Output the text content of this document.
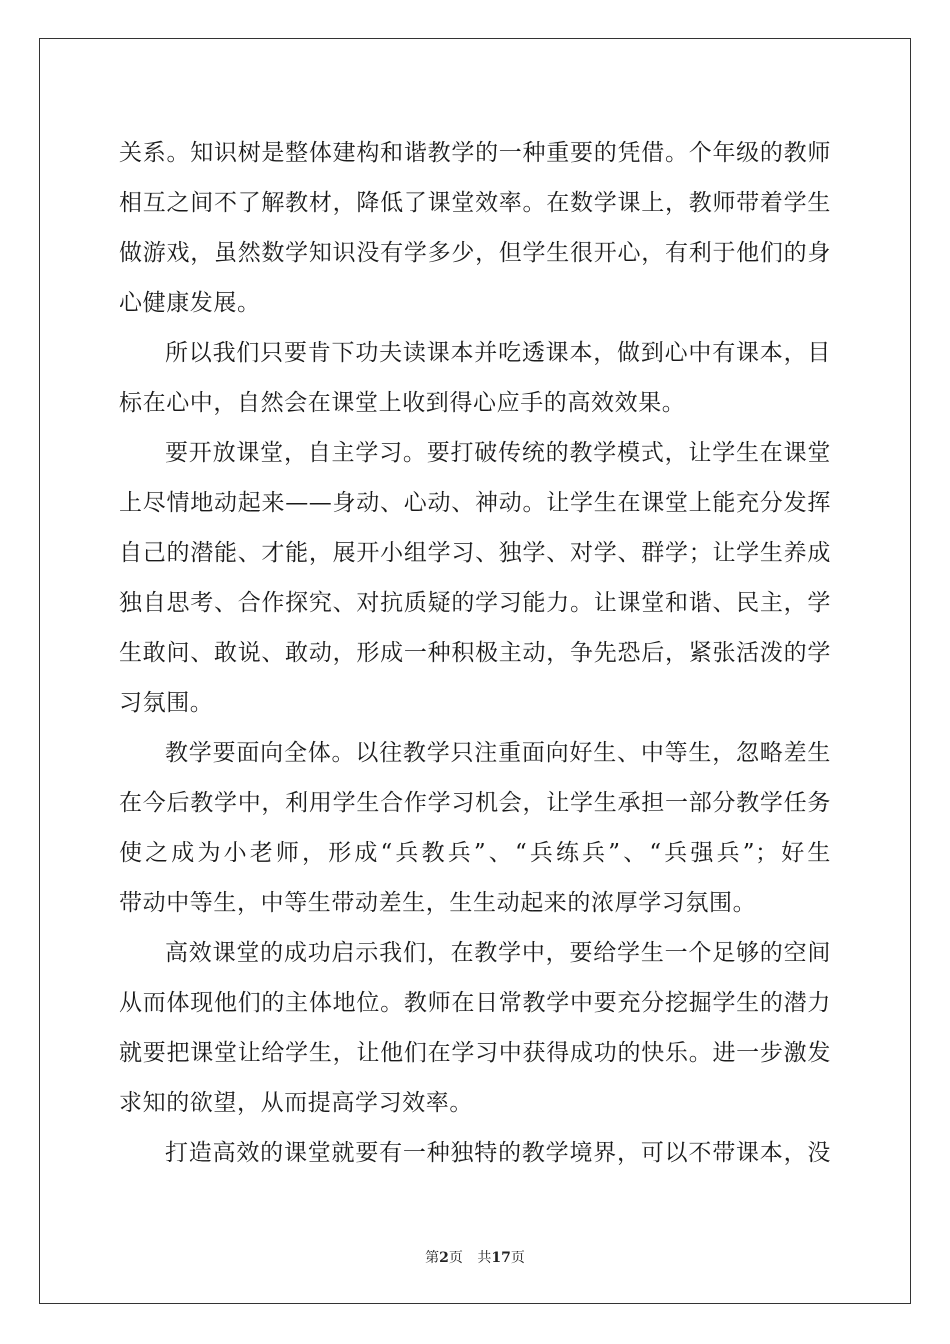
关系。知识树是整体建构和谐教学的一种重要的凭借。个年级的教师
相互之间不了解教材，降低了课堂效率。在数学课上，教师带着学生
做游戏，虽然数学知识没有学多少，但学生很开心，有利于他们的身
心健康发展。
所以我们只要肯下功夫读课本并吃透课本，做到心中有课本，目
标在心中，自然会在课堂上收到得心应手的高效效果。
要开放课堂，自主学习。要打破传统的教学模式，让学生在课堂
上尽情地动起来——身动、心动、神动。让学生在课堂上能充分发挥
自己的潜能、才能，展开小组学习、独学、对学、群学；让学生养成
独自思考、合作探究、对抗质疑的学习能力。让课堂和谐、民主，学
生敢问、敢说、敢动，形成一种积极主动，争先恐后，紧张活泼的学
习氛围。
教学要面向全体。以往教学只注重面向好生、中等生，忽略差生
在今后教学中，利用学生合作学习机会，让学生承担一部分教学任务
使之成为小老师，形成“兵教兵”、“兵练兵”、“兵强兵”；好生
带动中等生，中等生带动差生，生生动起来的浓厚学习氛围。
高效课堂的成功启示我们，在教学中，要给学生一个足够的空间
从而体现他们的主体地位。教师在日常教学中要充分挖掘学生的潜力
就要把课堂让给学生，让他们在学习中获得成功的快乐。进一步激发
求知的欲望，从而提高学习效率。
打造高效的课堂就要有一种独特的教学境界，可以不带课本，没
第2页 共17页
